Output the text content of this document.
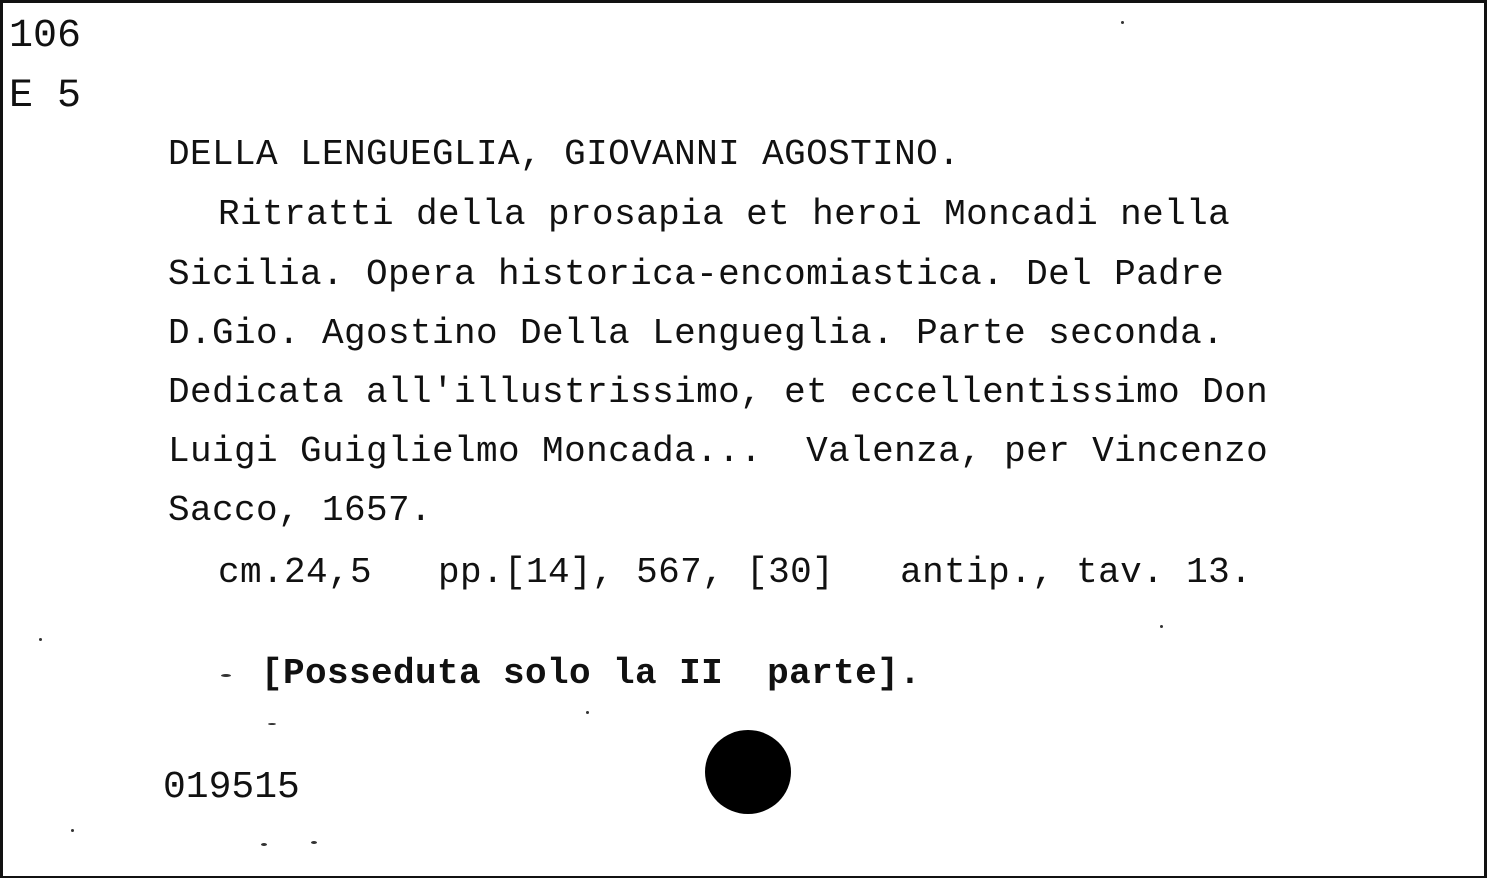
106
E 5
DELLA LENGUEGLIA, GIOVANNI AGOSTINO.
Ritratti della prosapia et heroi Moncadi nella
Sicilia. Opera historica-encomiastica. Del Padre
D.Gio. Agostino Della Lengueglia. Parte seconda.
Dedicata all'illustrissimo, et eccellentissimo Don
Luigi Guiglielmo Moncada...  Valenza, per Vincenzo
Sacco, 1657.
cm.24,5   pp.[14], 567, [30]   antip., tav. 13.
[Posseduta solo la II  parte].
019515
